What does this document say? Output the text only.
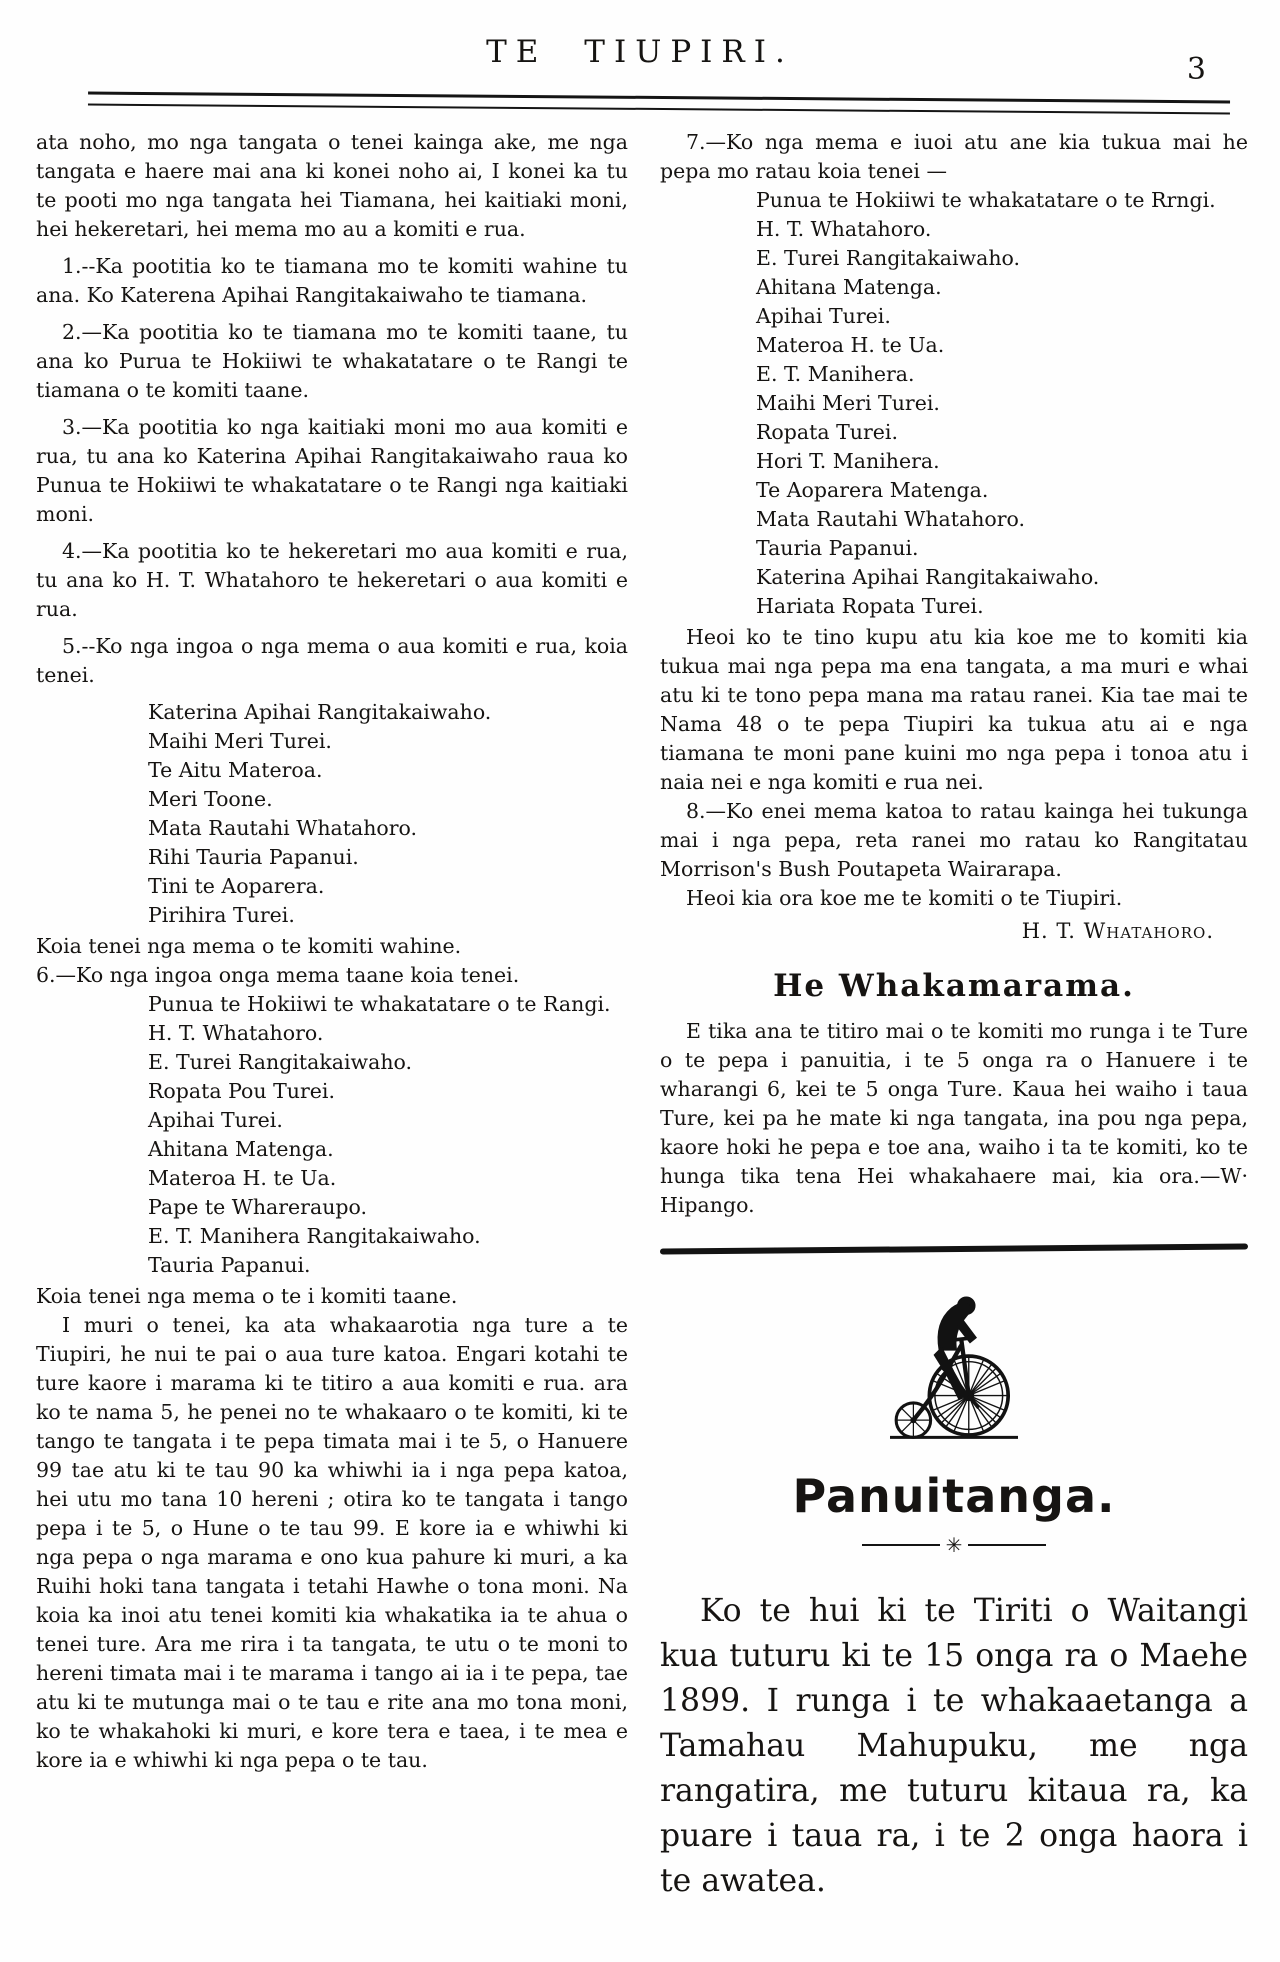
TE TIUPIRI.	3

ata noho, mo nga tangata o tenei kainga ake, me nga tangata e haere mai ana ki konei noho ai, I konei ka tu te pooti mo nga tangata hei Tiamana, hei kaitiaki moni, hei hekeretari, hei mema mo au a komiti e rua.

1.--Ka pootitia ko te tiamana mo te komiti wahine tu ana. Ko Katerena Apihai Rangitakaiwaho te tiamana.

2.—Ka pootitia ko te tiamana mo te komiti taane, tu ana ko Purua te Hokiiwi te whakatatare o te Rangi te tiamana o te komiti taane.

3.—Ka pootitia ko nga kaitiaki moni mo aua komiti e rua, tu ana ko Katerina Apihai Rangitakaiwaho raua ko Punua te Hokiiwi te whakatatare o te Rangi nga kaitiaki moni.

4.—Ka pootitia ko te hekeretari mo aua komiti e rua, tu ana ko H. T. Whatahoro te hekeretari o aua komiti e rua.

5.--Ko nga ingoa o nga mema o aua komiti e rua, koia tenei.

Katerina Apihai Rangitakaiwaho.
Maihi Meri Turei.
Te Aitu Materoa.
Meri Toone.
Mata Rautahi Whatahoro.
Rihi Tauria Papanui.
Tini te Aoparera.
Pirihira Turei.

Koia tenei nga mema o te komiti wahine.

6.—Ko nga ingoa onga mema taane koia tenei.

Punua te Hokiiwi te whakatatare o te Rangi.
H. T. Whatahoro.
E. Turei Rangitakaiwaho.
Ropata Pou Turei.
Apihai Turei.
Ahitana Matenga.
Materoa H. te Ua.
Pape te Whareraupo.
E. T. Manihera Rangitakaiwaho.
Tauria Papanui.

Koia tenei nga mema o te i komiti taane.

I muri o tenei, ka ata whakaarotia nga ture a te Tiupiri, he nui te pai o aua ture katoa. Engari kotahi te ture kaore i marama ki te titiro a aua komiti e rua. ara ko te nama 5, he penei no te whakaaro o te komiti, ki te tango te tangata i te pepa timata mai i te 5, o Hanuere 99 tae atu ki te tau 90 ka whiwhi ia i nga pepa katoa, hei utu mo tana 10 hereni ; otira ko te tangata i tango pepa i te 5, o Hune o te tau 99. E kore ia e whiwhi ki nga pepa o nga marama e ono kua pahure ki muri, a ka Ruihi hoki tana tangata i tetahi Hawhe o tona moni. Na koia ka inoi atu tenei komiti kia whakatika ia te ahua o tenei ture. Ara me rira i ta tangata, te utu o te moni to hereni timata mai i te marama i tango ai ia i te pepa, tae atu ki te mutunga mai o te tau e rite ana mo tona moni, ko te whakahoki ki muri, e kore tera e taea, i te mea e kore ia e whiwhi ki nga pepa o te tau.

7.—Ko nga mema e iuoi atu ane kia tukua mai he pepa mo ratau koia tenei —

Punua te Hokiiwi te whakatatare o te Rrngi.
H. T. Whatahoro.
E. Turei Rangitakaiwaho.
Ahitana Matenga.
Apihai Turei.
Materoa H. te Ua.
E. T. Manihera.
Maihi Meri Turei.
Ropata Turei.
Hori T. Manihera.
Te Aoparera Matenga.
Mata Rautahi Whatahoro.
Tauria Papanui.
Katerina Apihai Rangitakaiwaho.
Hariata Ropata Turei.

Heoi ko te tino kupu atu kia koe me to komiti kia tukua mai nga pepa ma ena tangata, a ma muri e whai atu ki te tono pepa mana ma ratau ranei. Kia tae mai te Nama 48 o te pepa Tiupiri ka tukua atu ai e nga tiamana te moni pane kuini mo nga pepa i tonoa atu i naia nei e nga komiti e rua nei.

8.—Ko enei mema katoa to ratau kainga hei tukunga mai i nga pepa, reta ranei mo ratau ko Rangitatau Morrison's Bush Poutapeta Wairarapa.

Heoi kia ora koe me te komiti o te Tiupiri.

H. T. Whatahoro.
He Whakamarama.

E tika ana te titiro mai o te komiti mo runga i te Ture o te pepa i panuitia, i te 5 onga ra o Hanuere i te wharangi 6, kei te 5 onga Ture. Kaua hei waiho i taua Ture, kei pa he mate ki nga tangata, ina pou nga pepa, kaore hoki he pepa e toe ana, waiho i ta te komiti, ko te hunga tika tena Hei whakahaere mai, kia ora.—W· Hipango.

Panuitanga.
✳

Ko te hui ki te Tiriti o Waitangi kua tuturu ki te 15 onga ra o Maehe 1899. I runga i te whakaaetanga a Tamahau Mahupuku, me nga rangatira, me tuturu kitaua ra, ka puare i taua ra, i te 2 onga haora i te awatea.
